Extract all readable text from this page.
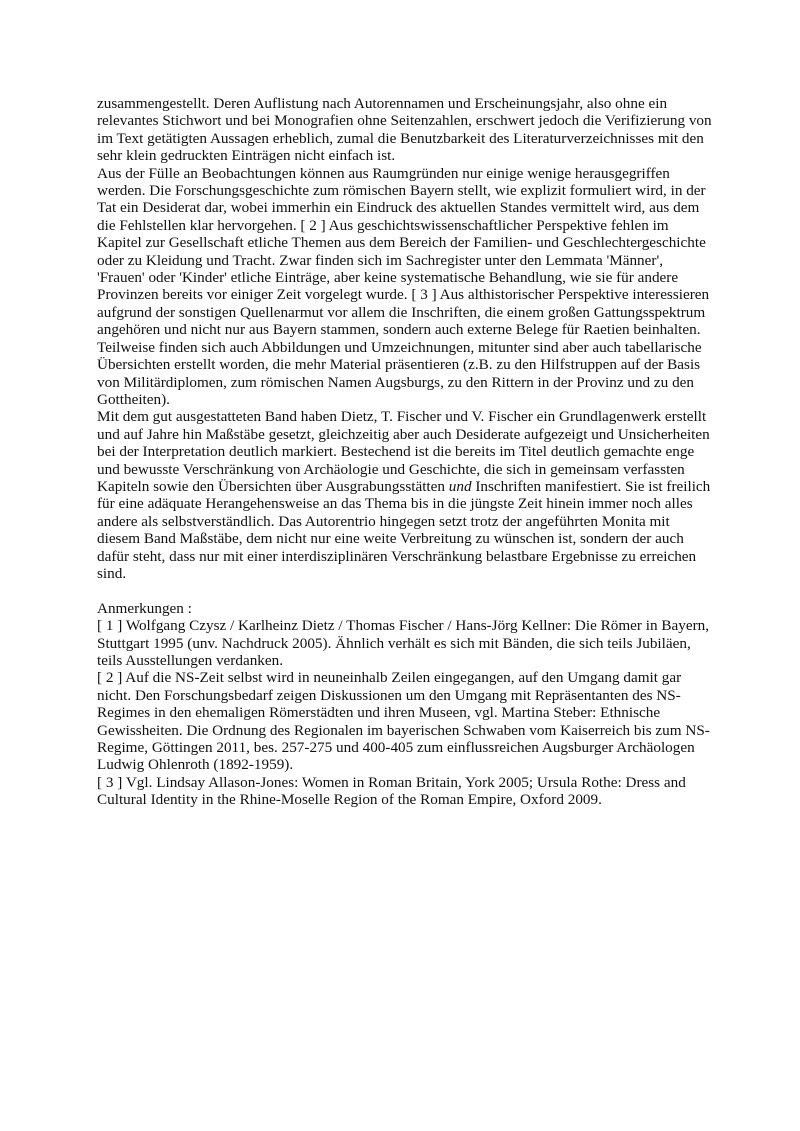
zusammengestellt. Deren Auflistung nach Autorennamen und Erscheinungsjahr, also ohne ein relevantes Stichwort und bei Monografien ohne Seitenzahlen, erschwert jedoch die Verifizierung von im Text getätigten Aussagen erheblich, zumal die Benutzbarkeit des Literaturverzeichnisses mit den sehr klein gedruckten Einträgen nicht einfach ist.

Aus der Fülle an Beobachtungen können aus Raumgründen nur einige wenige herausgegriffen werden. Die Forschungsgeschichte zum römischen Bayern stellt, wie explizit formuliert wird, in der Tat ein Desiderat dar, wobei immerhin ein Eindruck des aktuellen Standes vermittelt wird, aus dem die Fehlstellen klar hervorgehen. [ 2 ] Aus geschichtswissenschaftlicher Perspektive fehlen im Kapitel zur Gesellschaft etliche Themen aus dem Bereich der Familien- und Geschlechtergeschichte oder zu Kleidung und Tracht. Zwar finden sich im Sachregister unter den Lemmata 'Männer', 'Frauen' oder 'Kinder' etliche Einträge, aber keine systematische Behandlung, wie sie für andere Provinzen bereits vor einiger Zeit vorgelegt wurde. [ 3 ] Aus althistorischer Perspektive interessieren aufgrund der sonstigen Quellenarmut vor allem die Inschriften, die einem großen Gattungsspektrum angehören und nicht nur aus Bayern stammen, sondern auch externe Belege für Raetien beinhalten. Teilweise finden sich auch Abbildungen und Umzeichnungen, mitunter sind aber auch tabellarische Übersichten erstellt worden, die mehr Material präsentieren (z.B. zu den Hilfstruppen auf der Basis von Militärdiplomen, zum römischen Namen Augsburgs, zu den Rittern in der Provinz und zu den Gottheiten).

Mit dem gut ausgestatteten Band haben Dietz, T. Fischer und V. Fischer ein Grundlagenwerk erstellt und auf Jahre hin Maßstäbe gesetzt, gleichzeitig aber auch Desiderate aufgezeigt und Unsicherheiten bei der Interpretation deutlich markiert. Bestechend ist die bereits im Titel deutlich gemachte enge und bewusste Verschränkung von Archäologie und Geschichte, die sich in gemeinsam verfassten Kapiteln sowie den Übersichten über Ausgrabungsstätten und Inschriften manifestiert. Sie ist freilich für eine adäquate Herangehensweise an das Thema bis in die jüngste Zeit hinein immer noch alles andere als selbstverständlich. Das Autorentrio hingegen setzt trotz der angeführten Monita mit diesem Band Maßstäbe, dem nicht nur eine weite Verbreitung zu wünschen ist, sondern der auch dafür steht, dass nur mit einer interdisziplinären Verschränkung belastbare Ergebnisse zu erreichen sind.

Anmerkungen :

[ 1 ] Wolfgang Czysz / Karlheinz Dietz / Thomas Fischer / Hans-Jörg Kellner: Die Römer in Bayern, Stuttgart 1995 (unv. Nachdruck 2005). Ähnlich verhält es sich mit Bänden, die sich teils Jubiläen, teils Ausstellungen verdanken.

[ 2 ] Auf die NS-Zeit selbst wird in neuneinhalb Zeilen eingegangen, auf den Umgang damit gar nicht. Den Forschungsbedarf zeigen Diskussionen um den Umgang mit Repräsentanten des NS-Regimes in den ehemaligen Römerstädten und ihren Museen, vgl. Martina Steber: Ethnische Gewissheiten. Die Ordnung des Regionalen im bayerischen Schwaben vom Kaiserreich bis zum NS-Regime, Göttingen 2011, bes. 257-275 und 400-405 zum einflussreichen Augsburger Archäologen Ludwig Ohlenroth (1892-1959).

[ 3 ] Vgl. Lindsay Allason-Jones: Women in Roman Britain, York 2005; Ursula Rothe: Dress and Cultural Identity in the Rhine-Moselle Region of the Roman Empire, Oxford 2009.
